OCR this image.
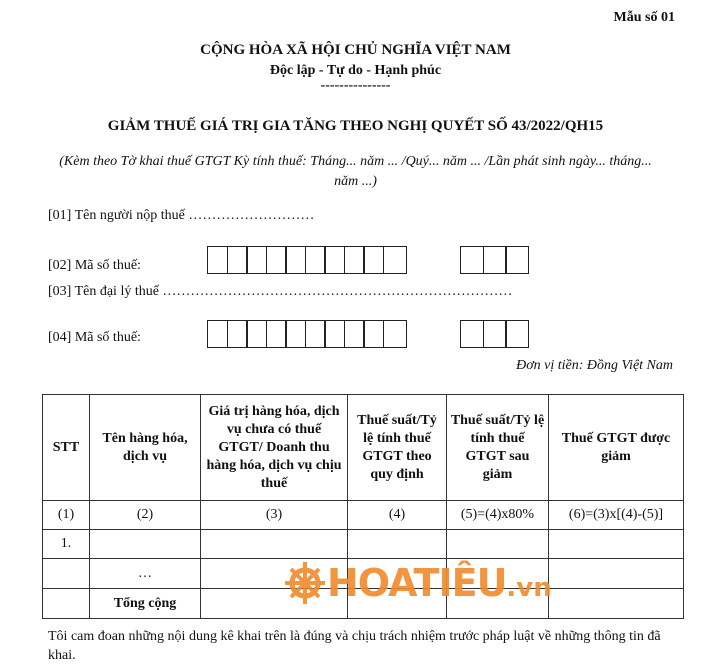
Mẫu số 01
CỘNG HÒA XÃ HỘI CHỦ NGHĨA VIỆT NAM
Độc lập - Tự do - Hạnh phúc
---------------
GIẢM THUẾ GIÁ TRỊ GIA TĂNG THEO NGHỊ QUYẾT SỐ 43/2022/QH15
(Kèm theo Tờ khai thuế GTGT Kỳ tính thuế: Tháng... năm ... /Quý... năm ... /Lần phát sinh ngày... tháng...
năm ...)
[01] Tên người nộp thuế ………………………
[02] Mã số thuế:
[03] Tên đại lý thuế …………………………………………………………………
[04] Mã số thuế:
Đơn vị tiền: Đồng Việt Nam
STT	Tên hàng hóa, dịch vụ	Giá trị hàng hóa, dịch vụ chưa có thuế GTGT/ Doanh thu hàng hóa, dịch vụ chịu thuế	Thuế suất/Tỷ lệ tính thuế GTGT theo quy định	Thuế suất/Tỷ lệ tính thuế GTGT sau giảm	Thuế GTGT được giảm
(1)	(2)	(3)	(4)	(5)=(4)x80%	(6)=(3)x[(4)-(5)]
1.					
	…				
	Tổng cộng					HOATIÊU .vn
Tôi cam đoan những nội dung kê khai trên là đúng và chịu trách nhiệm trước pháp luật về những thông tin đã khai.
